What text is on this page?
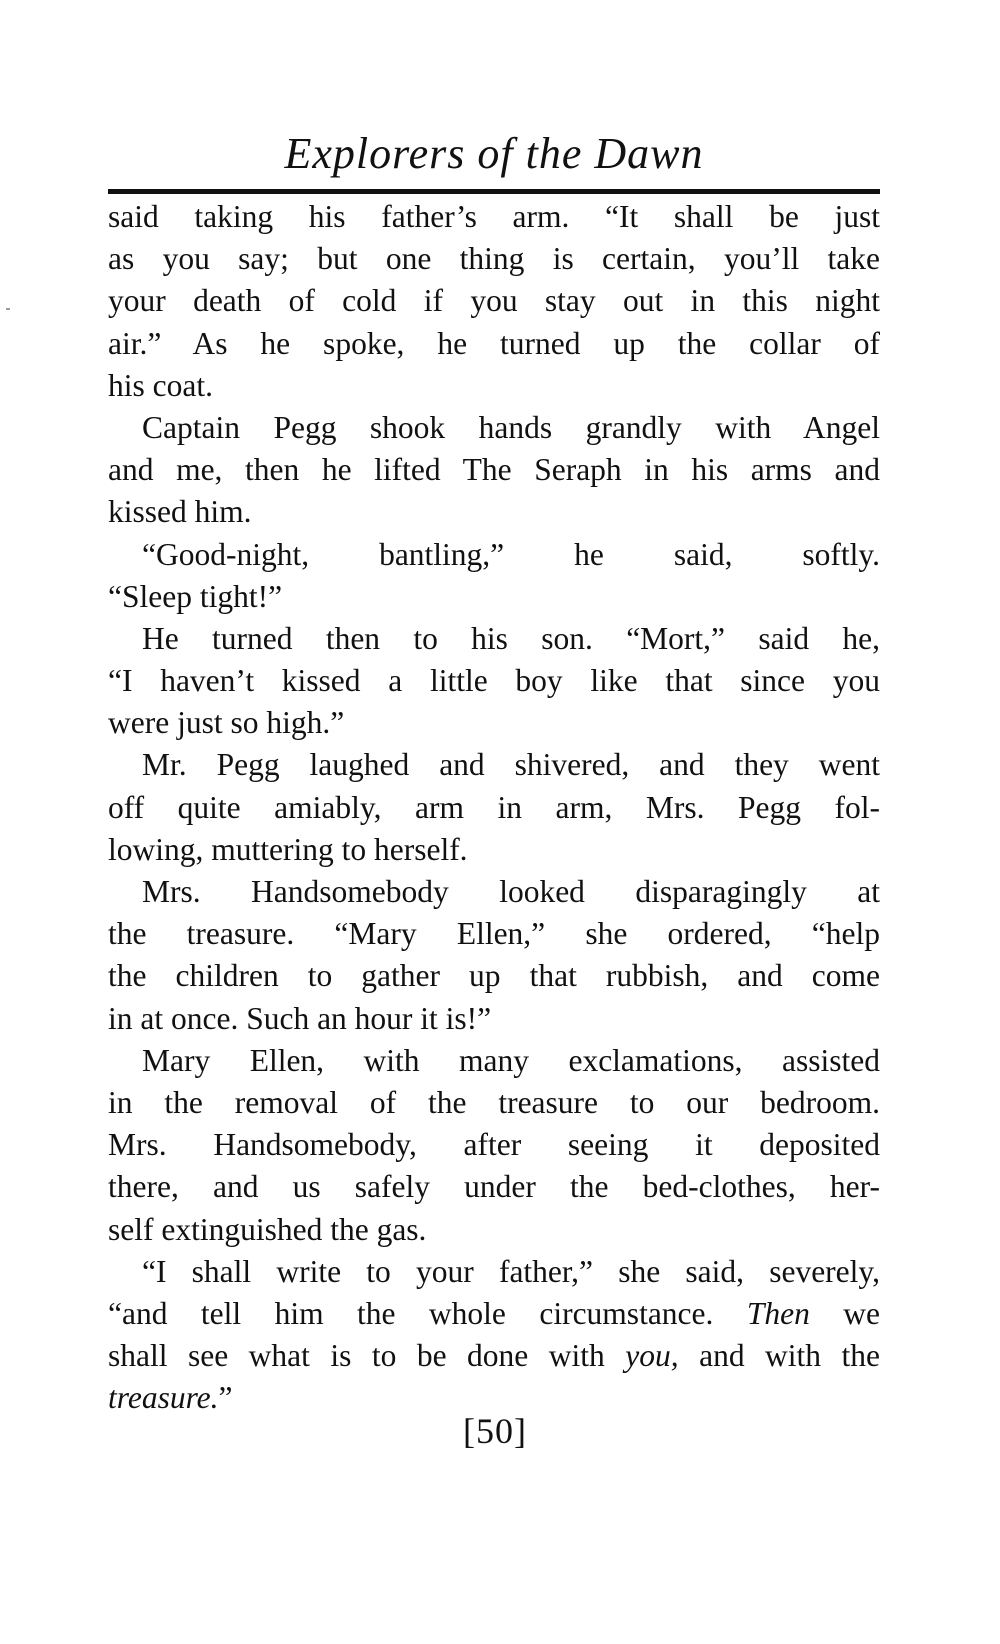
Explorers of the Dawn
said taking his father’s arm. “It shall be just
as you say; but one thing is certain, you’ll take
your death of cold if you stay out in this night
air.” As he spoke, he turned up the collar of
his coat.
Captain Pegg shook hands grandly with Angel
and me, then he lifted The Seraph in his arms and
kissed him.
“Good-night, bantling,” he said, softly.
“Sleep tight!”
He turned then to his son. “Mort,” said he,
“I haven’t kissed a little boy like that since you
were just so high.”
Mr. Pegg laughed and shivered, and they went
off quite amiably, arm in arm, Mrs. Pegg fol-
lowing, muttering to herself.
Mrs. Handsomebody looked disparagingly at
the treasure. “Mary Ellen,” she ordered, “help
the children to gather up that rubbish, and come
in at once. Such an hour it is!”
Mary Ellen, with many exclamations, assisted
in the removal of the treasure to our bedroom.
Mrs. Handsomebody, after seeing it deposited
there, and us safely under the bed-clothes, her-
self extinguished the gas.
“I shall write to your father,” she said, severely,
“and tell him the whole circumstance. Then we
shall see what is to be done with you, and with the
treasure.”
[50]
